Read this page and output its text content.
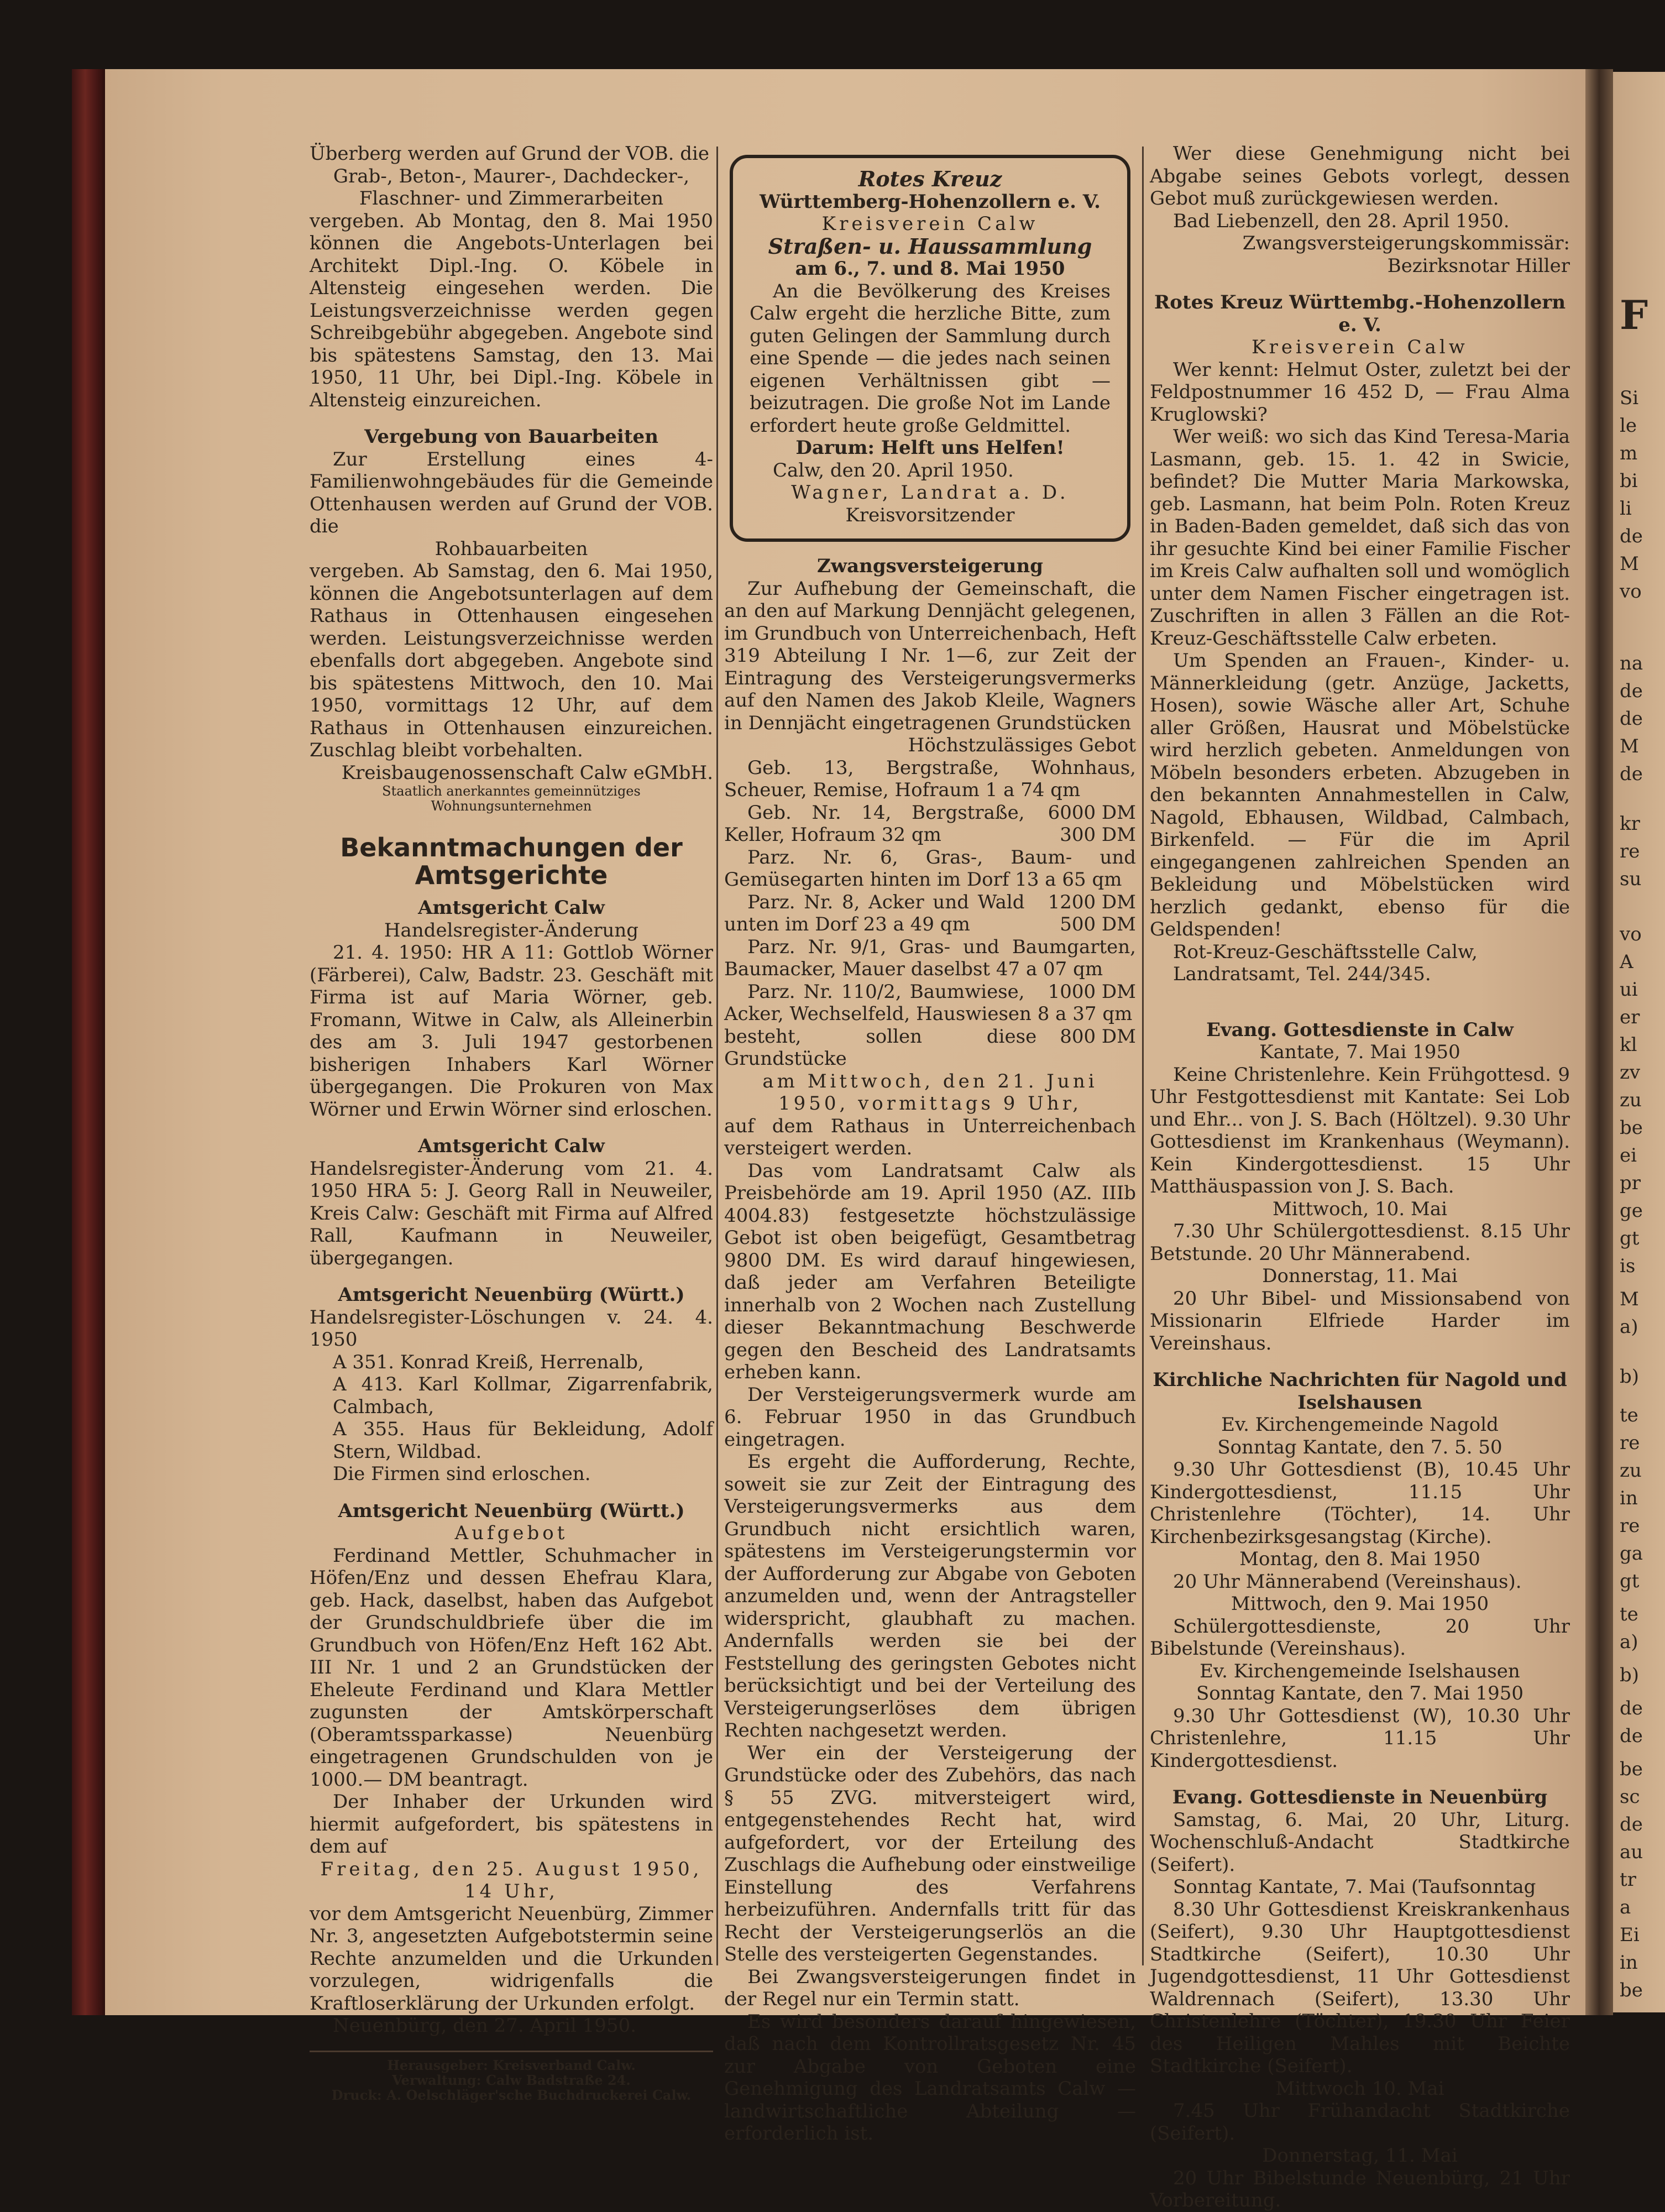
F
Si
le
m
bi
li
de
M
vo
na
de
de
M
de
kr
re
su
vo
A
ui
er
kl
zv
zu
be
ei
pr
ge
gt
is
M
a)
b)
te
re
zu
in
re
ga
gt
te
a)
b)
de
de
be
sc
de
au
tr
a
Ei
in
be

Überberg werden auf Grund der VOB. die

Grab-, Beton-, Maurer-, Dachdecker-, Flaschner- und Zimmerarbeiten

vergeben. Ab Montag, den 8. Mai 1950 können die Angebots-Unterlagen bei Architekt Dipl.-Ing. O. Köbele in Altensteig eingesehen werden. Die Leistungsverzeichnisse werden gegen Schreibgebühr abgegeben. Angebote sind bis spätestens Samstag, den 13. Mai 1950, 11 Uhr, bei Dipl.-Ing. Köbele in Altensteig einzureichen.

Vergebung von Bauarbeiten

Zur Erstellung eines 4-Familienwohngebäudes für die Gemeinde Ottenhausen werden auf Grund der VOB. die

Rohbauarbeiten

vergeben. Ab Samstag, den 6. Mai 1950, können die Angebotsunterlagen auf dem Rathaus in Ottenhausen eingesehen werden. Leistungsverzeichnisse werden ebenfalls dort abgegeben. Angebote sind bis spätestens Mittwoch, den 10. Mai 1950, vormittags 12 Uhr, auf dem Rathaus in Ottenhausen einzureichen. Zuschlag bleibt vorbehalten.

Kreisbaugenossenschaft Calw eGMbH.

Staatlich anerkanntes gemeinnütziges Wohnungsunternehmen

Bekanntmachungen der Amtsgerichte

Amtsgericht Calw

Handelsregister-Änderung

21. 4. 1950: HR A 11: Gottlob Wörner (Färberei), Calw, Badstr. 23. Geschäft mit Firma ist auf Maria Wörner, geb. Fromann, Witwe in Calw, als Alleinerbin des am 3. Juli 1947 gestorbenen bisherigen Inhabers Karl Wörner übergegangen. Die Prokuren von Max Wörner und Erwin Wörner sind erloschen.

Amtsgericht Calw

Handelsregister-Änderung vom 21. 4. 1950 HRA 5: J. Georg Rall in Neuweiler, Kreis Calw: Geschäft mit Firma auf Alfred Rall, Kaufmann in Neuweiler, übergegangen.

Amtsgericht Neuenbürg (Württ.)

Handelsregister-Löschungen v. 24. 4. 1950

A 351. Konrad Kreiß, Herrenalb,

A 413. Karl Kollmar, Zigarrenfabrik, Calmbach,

A 355. Haus für Bekleidung, Adolf Stern, Wildbad.

Die Firmen sind erloschen.

Amtsgericht Neuenbürg (Württ.)

Aufgebot

Ferdinand Mettler, Schuhmacher in Höfen/Enz und dessen Ehefrau Klara, geb. Hack, daselbst, haben das Aufgebot der Grundschuldbriefe über die im Grundbuch von Höfen/Enz Heft 162 Abt. III Nr. 1 und 2 an Grundstücken der Eheleute Ferdinand und Klara Mettler zugunsten der Amtskörperschaft (Oberamtssparkasse) Neuenbürg eingetragenen Grundschulden von je 1000.— DM beantragt.

Der Inhaber der Urkunden wird hiermit aufgefordert, bis spätestens in dem auf

Freitag, den 25. August 1950, 14 Uhr,

vor dem Amtsgericht Neuenbürg, Zimmer Nr. 3, angesetzten Aufgebotstermin seine Rechte anzumelden und die Urkunden vorzulegen, widrigenfalls die Kraftloserklärung der Urkunden erfolgt.

Neuenbürg, den 27. April 1950.

Herausgeber: Kreisverband Calw.

Verwaltung: Calw Badstraße 24.

Druck: A. Oelschläger'sche Buchdruckerei Calw.

Rotes Kreuz

Württemberg-Hohenzollern e. V.

Kreisverein Calw

Straßen- u. Haussammlung

am 6., 7. und 8. Mai 1950

An die Bevölkerung des Kreises Calw ergeht die herzliche Bitte, zum guten Gelingen der Sammlung durch eine Spende — die jedes nach seinen eigenen Verhältnissen gibt — beizutragen. Die große Not im Lande erfordert heute große Geldmittel.

Darum: Helft uns Helfen!

Calw, den 20. April 1950.

Wagner, Landrat a. D.

Kreisvorsitzender

Zwangsversteigerung

Zur Aufhebung der Gemeinschaft, die an den auf Markung Dennjächt gelegenen, im Grundbuch von Unterreichenbach, Heft 319 Abteilung I Nr. 1—6, zur Zeit der Eintragung des Versteigerungsvermerks auf den Namen des Jakob Kleile, Wagners in Dennjächt eingetragenen Grundstücken

Höchstzulässiges Gebot

Geb. 13, Bergstraße, Wohnhaus, Scheuer, Remise, Hofraum 1 a 74 qm
6000 DM

Geb. Nr. 14, Bergstraße, Keller, Hofraum 32 qm	300 DM

Parz. Nr. 6, Gras-, Baum- und Gemüsegarten hinten im Dorf 13 a 65 qm
1200 DM

Parz. Nr. 8, Acker und Wald unten im Dorf 23 a 49 qm	500 DM

Parz. Nr. 9/1, Gras- und Baumgarten, Baumacker, Mauer daselbst 47 a 07 qm
1000 DM

Parz. Nr. 110/2, Baumwiese, Acker, Wechselfeld, Hauswiesen 8 a 37 qm
800 DM

besteht, sollen diese Grundstücke

am Mittwoch, den 21. Juni 1950, vormittags 9 Uhr,

auf dem Rathaus in Unterreichenbach versteigert werden.

Das vom Landratsamt Calw als Preisbehörde am 19. April 1950 (AZ. IIIb 4004.83) festgesetzte höchstzulässige Gebot ist oben beigefügt, Gesamtbetrag 9800 DM. Es wird darauf hingewiesen, daß jeder am Verfahren Beteiligte innerhalb von 2 Wochen nach Zustellung dieser Bekanntmachung Beschwerde gegen den Bescheid des Landratsamts erheben kann.

Der Versteigerungsvermerk wurde am 6. Februar 1950 in das Grundbuch eingetragen.

Es ergeht die Aufforderung, Rechte, soweit sie zur Zeit der Eintragung des Versteigerungsvermerks aus dem Grundbuch nicht ersichtlich waren, spätestens im Versteigerungstermin vor der Aufforderung zur Abgabe von Geboten anzumelden und, wenn der Antragsteller widerspricht, glaubhaft zu machen. Andernfalls werden sie bei der Feststellung des geringsten Gebotes nicht berücksichtigt und bei der Verteilung des Versteigerungserlöses dem übrigen Rechten nachgesetzt werden.

Wer ein der Versteigerung der Grundstücke oder des Zubehörs, das nach § 55 ZVG. mitversteigert wird, entgegenstehendes Recht hat, wird aufgefordert, vor der Erteilung des Zuschlags die Aufhebung oder einstweilige Einstellung des Verfahrens herbeizuführen. Andernfalls tritt für das Recht der Versteigerungserlös an die Stelle des versteigerten Gegenstandes.

Bei Zwangsversteigerungen findet in der Regel nur ein Termin statt.

Es wird besonders darauf hingewiesen, daß nach dem Kontrollratsgesetz Nr. 45 zur Abgabe von Geboten eine Genehmigung des Landratsamts Calw — landwirtschaftliche Abteilung — erforderlich ist.

Wer diese Genehmigung nicht bei Abgabe seines Gebots vorlegt, dessen Gebot muß zurückgewiesen werden.

Bad Liebenzell, den 28. April 1950.

Zwangsversteigerungskommissär:

Bezirksnotar Hiller

Rotes Kreuz Württembg.-Hohenzollern e. V.

Kreisverein Calw

Wer kennt: Helmut Oster, zuletzt bei der Feldpostnummer 16 452 D, — Frau Alma Kruglowski?

Wer weiß: wo sich das Kind Teresa-Maria Lasmann, geb. 15. 1. 42 in Swicie, befindet? Die Mutter Maria Markowska, geb. Lasmann, hat beim Poln. Roten Kreuz in Baden-Baden gemeldet, daß sich das von ihr gesuchte Kind bei einer Familie Fischer im Kreis Calw aufhalten soll und womöglich unter dem Namen Fischer eingetragen ist. Zuschriften in allen 3 Fällen an die Rot-Kreuz-Geschäftsstelle Calw erbeten.

Um Spenden an Frauen-, Kinder- u. Männerkleidung (getr. Anzüge, Jacketts, Hosen), sowie Wäsche aller Art, Schuhe aller Größen, Hausrat und Möbelstücke wird herzlich gebeten. Anmeldungen von Möbeln besonders erbeten. Abzugeben in den bekannten Annahmestellen in Calw, Nagold, Ebhausen, Wildbad, Calmbach, Birkenfeld. — Für die im April eingegangenen zahlreichen Spenden an Bekleidung und Möbelstücken wird herzlich gedankt, ebenso für die Geldspenden!

Rot-Kreuz-Geschäftsstelle Calw,

Landratsamt, Tel. 244/345.

Evang. Gottesdienste in Calw

Kantate, 7. Mai 1950

Keine Christenlehre. Kein Frühgottesd. 9 Uhr Festgottesdienst mit Kantate: Sei Lob und Ehr... von J. S. Bach (Höltzel). 9.30 Uhr Gottesdienst im Krankenhaus (Weymann). Kein Kindergottesdienst. 15 Uhr Matthäuspassion von J. S. Bach.

Mittwoch, 10. Mai

7.30 Uhr Schülergottesdienst. 8.15 Uhr Betstunde. 20 Uhr Männerabend.

Donnerstag, 11. Mai

20 Uhr Bibel- und Missionsabend von Missionarin Elfriede Harder im Vereinshaus.

Kirchliche Nachrichten für Nagold und Iselshausen

Ev. Kirchengemeinde Nagold

Sonntag Kantate, den 7. 5. 50

9.30 Uhr Gottesdienst (B), 10.45 Uhr Kindergottesdienst, 11.15 Uhr Christenlehre (Töchter), 14. Uhr Kirchenbezirksgesangstag (Kirche).

Montag, den 8. Mai 1950

20 Uhr Männerabend (Vereinshaus).

Mittwoch, den 9. Mai 1950

Schülergottesdienste, 20 Uhr Bibelstunde (Vereinshaus).

Ev. Kirchengemeinde Iselshausen

Sonntag Kantate, den 7. Mai 1950

9.30 Uhr Gottesdienst (W), 10.30 Uhr Christenlehre, 11.15 Uhr Kindergottesdienst.

Evang. Gottesdienste in Neuenbürg

Samstag, 6. Mai, 20 Uhr, Liturg. Wochenschluß-Andacht Stadtkirche (Seifert).

Sonntag Kantate, 7. Mai (Taufsonntag

8.30 Uhr Gottesdienst Kreiskrankenhaus (Seifert), 9.30 Uhr Hauptgottesdienst Stadtkirche (Seifert), 10.30 Uhr Jugendgottesdienst, 11 Uhr Gottesdienst Waldrennach (Seifert), 13.30 Uhr Christenlehre (Töchter), 19.30 Uhr Feier des Heiligen Mahles mit Beichte Stadtkirche (Seifert).

Mittwoch 10. Mai

7.45 Uhr Frühandacht Stadtkirche (Seifert).

Donnerstag, 11. Mai

20 Uhr Bibelstunde Neuenbürg, 21 Uhr Vorbereitung.
